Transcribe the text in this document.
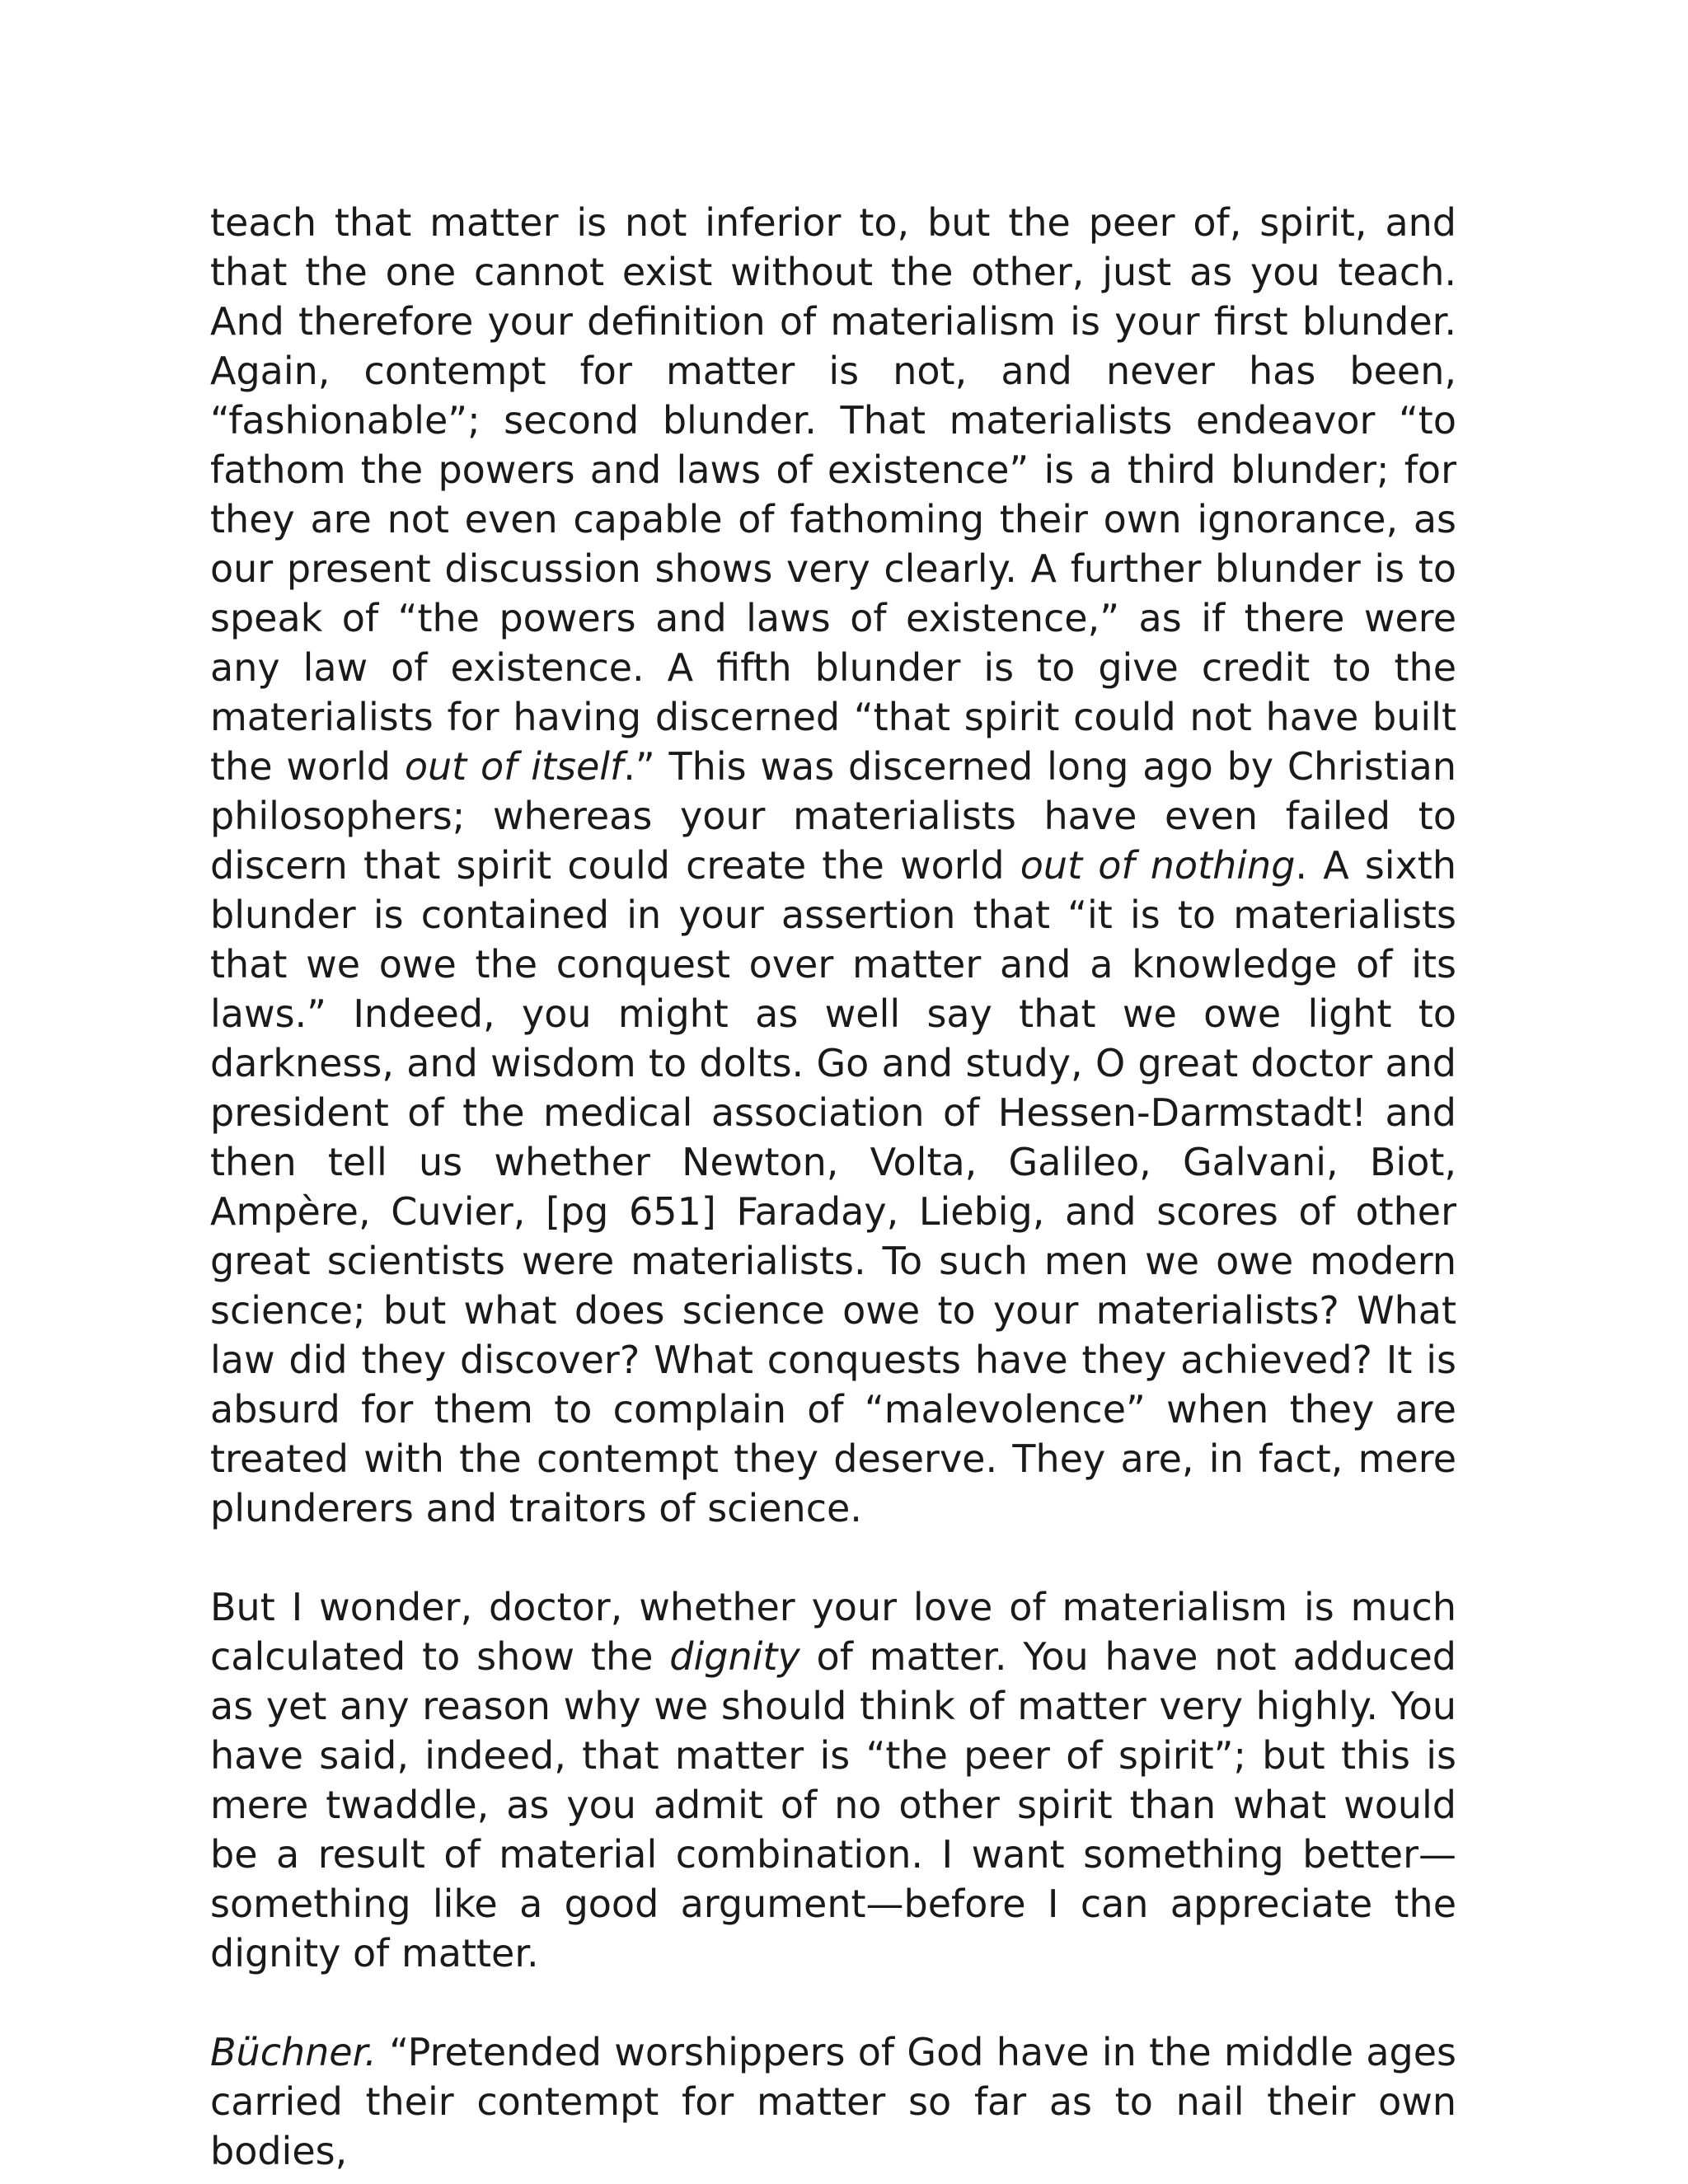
teach that matter is not inferior to, but the peer of, spirit, and that the one cannot exist without the other, just as you teach. And therefore your definition of materialism is your first blunder. Again, contempt for matter is not, and never has been, “fashionable”; second blunder. That materialists endeavor “to fathom the powers and laws of existence” is a third blunder; for they are not even capable of fathoming their own ignorance, as our present discussion shows very clearly. A further blunder is to speak of “the powers and laws of existence,” as if there were any law of existence. A fifth blunder is to give credit to the materialists for having discerned “that spirit could not have built the world out of itself.” This was discerned long ago by Christian philosophers; whereas your materialists have even failed to discern that spirit could create the world out of nothing. A sixth blunder is contained in your assertion that “it is to materialists that we owe the conquest over matter and a knowledge of its laws.” Indeed, you might as well say that we owe light to darkness, and wisdom to dolts. Go and study, O great doctor and president of the medical association of Hessen-Darmstadt! and then tell us whether Newton, Volta, Galileo, Galvani, Biot, Ampère, Cuvier, [pg 651] Faraday, Liebig, and scores of other great scientists were materialists. To such men we owe modern science; but what does science owe to your materialists? What law did they discover? What conquests have they achieved? It is absurd for them to complain of “malevolence” when they are treated with the contempt they deserve. They are, in fact, mere plunderers and traitors of science.

But I wonder, doctor, whether your love of materialism is much calculated to show the dignity of matter. You have not adduced as yet any reason why we should think of matter very highly. You have said, indeed, that matter is “the peer of spirit”; but this is mere twaddle, as you admit of no other spirit than what would be a result of material combination. I want something better—something like a good argument—before I can appreciate the dignity of matter.

Büchner. “Pretended worshippers of God have in the middle ages carried their contempt for matter so far as to nail their own bodies,
